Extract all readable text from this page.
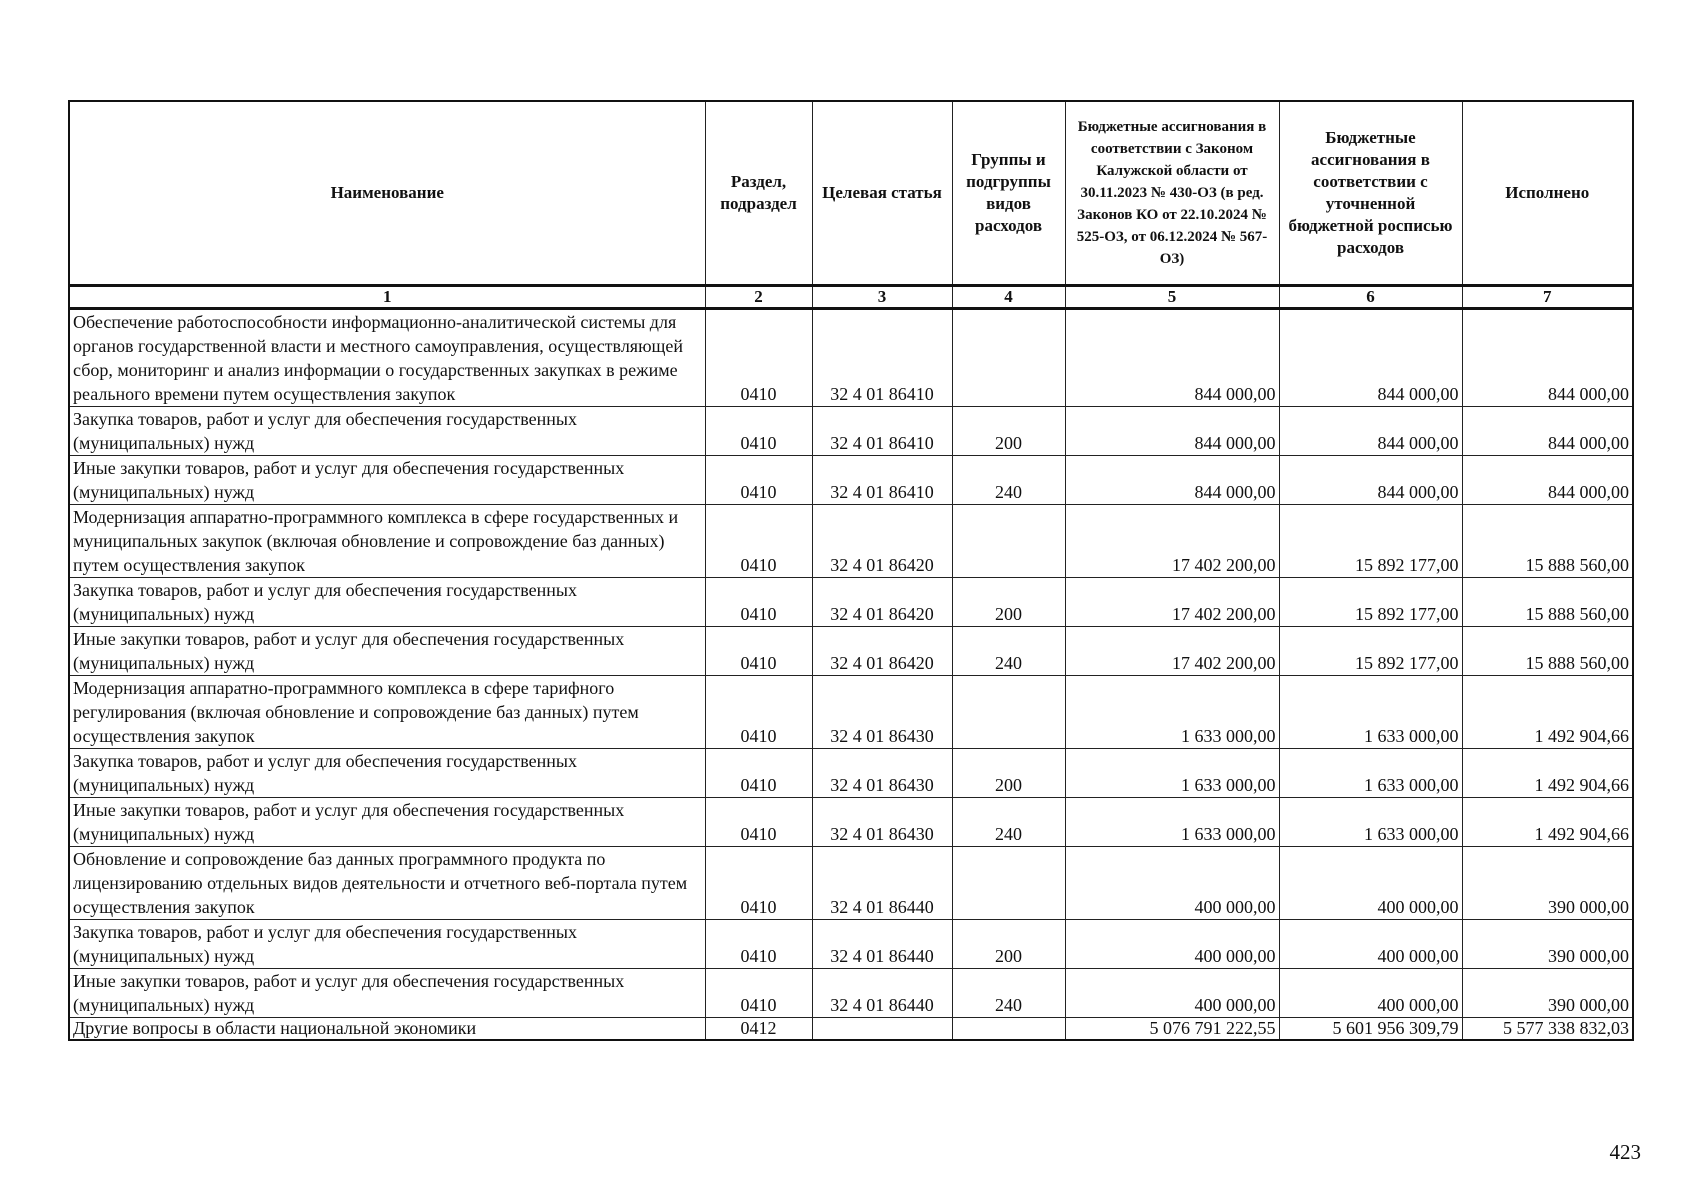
Наименование	Раздел, подраздел	Целевая статья	Группы и подгруппы видов расходов	Бюджетные ассигнования в соответствии с Законом Калужской области от 30.11.2023 № 430-ОЗ (в ред. Законов КО от 22.10.2024 № 525-ОЗ, от 06.12.2024 № 567-ОЗ)	Бюджетные ассигнования в соответствии с уточненной бюджетной росписью расходов	Исполнено
1	2	3	4	5	6	7
Обеспечение работоспособности информационно-аналитической системы для органов государственной власти и местного самоуправления, осуществляющей сбор, мониторинг и анализ информации о государственных закупках в режиме реального времени путем осуществления закупок	0410	32 4 01 86410		844 000,00	844 000,00	844 000,00
Закупка товаров, работ и услуг для обеспечения государственных (муниципальных) нужд	0410	32 4 01 86410	200	844 000,00	844 000,00	844 000,00
Иные закупки товаров, работ и услуг для обеспечения государственных (муниципальных) нужд	0410	32 4 01 86410	240	844 000,00	844 000,00	844 000,00
Модернизация аппаратно-программного комплекса в сфере государственных и муниципальных закупок (включая обновление и сопровождение баз данных) путем осуществления закупок	0410	32 4 01 86420		17 402 200,00	15 892 177,00	15 888 560,00
Закупка товаров, работ и услуг для обеспечения государственных (муниципальных) нужд	0410	32 4 01 86420	200	17 402 200,00	15 892 177,00	15 888 560,00
Иные закупки товаров, работ и услуг для обеспечения государственных (муниципальных) нужд	0410	32 4 01 86420	240	17 402 200,00	15 892 177,00	15 888 560,00
Модернизация аппаратно-программного комплекса в сфере тарифного регулирования (включая обновление и сопровождение баз данных) путем осуществления закупок	0410	32 4 01 86430		1 633 000,00	1 633 000,00	1 492 904,66
Закупка товаров, работ и услуг для обеспечения государственных (муниципальных) нужд	0410	32 4 01 86430	200	1 633 000,00	1 633 000,00	1 492 904,66
Иные закупки товаров, работ и услуг для обеспечения государственных (муниципальных) нужд	0410	32 4 01 86430	240	1 633 000,00	1 633 000,00	1 492 904,66
Обновление и сопровождение баз данных программного продукта по лицензированию отдельных видов деятельности и отчетного веб-портала путем осуществления закупок	0410	32 4 01 86440		400 000,00	400 000,00	390 000,00
Закупка товаров, работ и услуг для обеспечения государственных (муниципальных) нужд	0410	32 4 01 86440	200	400 000,00	400 000,00	390 000,00
Иные закупки товаров, работ и услуг для обеспечения государственных (муниципальных) нужд	0410	32 4 01 86440	240	400 000,00	400 000,00	390 000,00
Другие вопросы в области национальной экономики	0412			5 076 791 222,55	5 601 956 309,79	5 577 338 832,03
423
